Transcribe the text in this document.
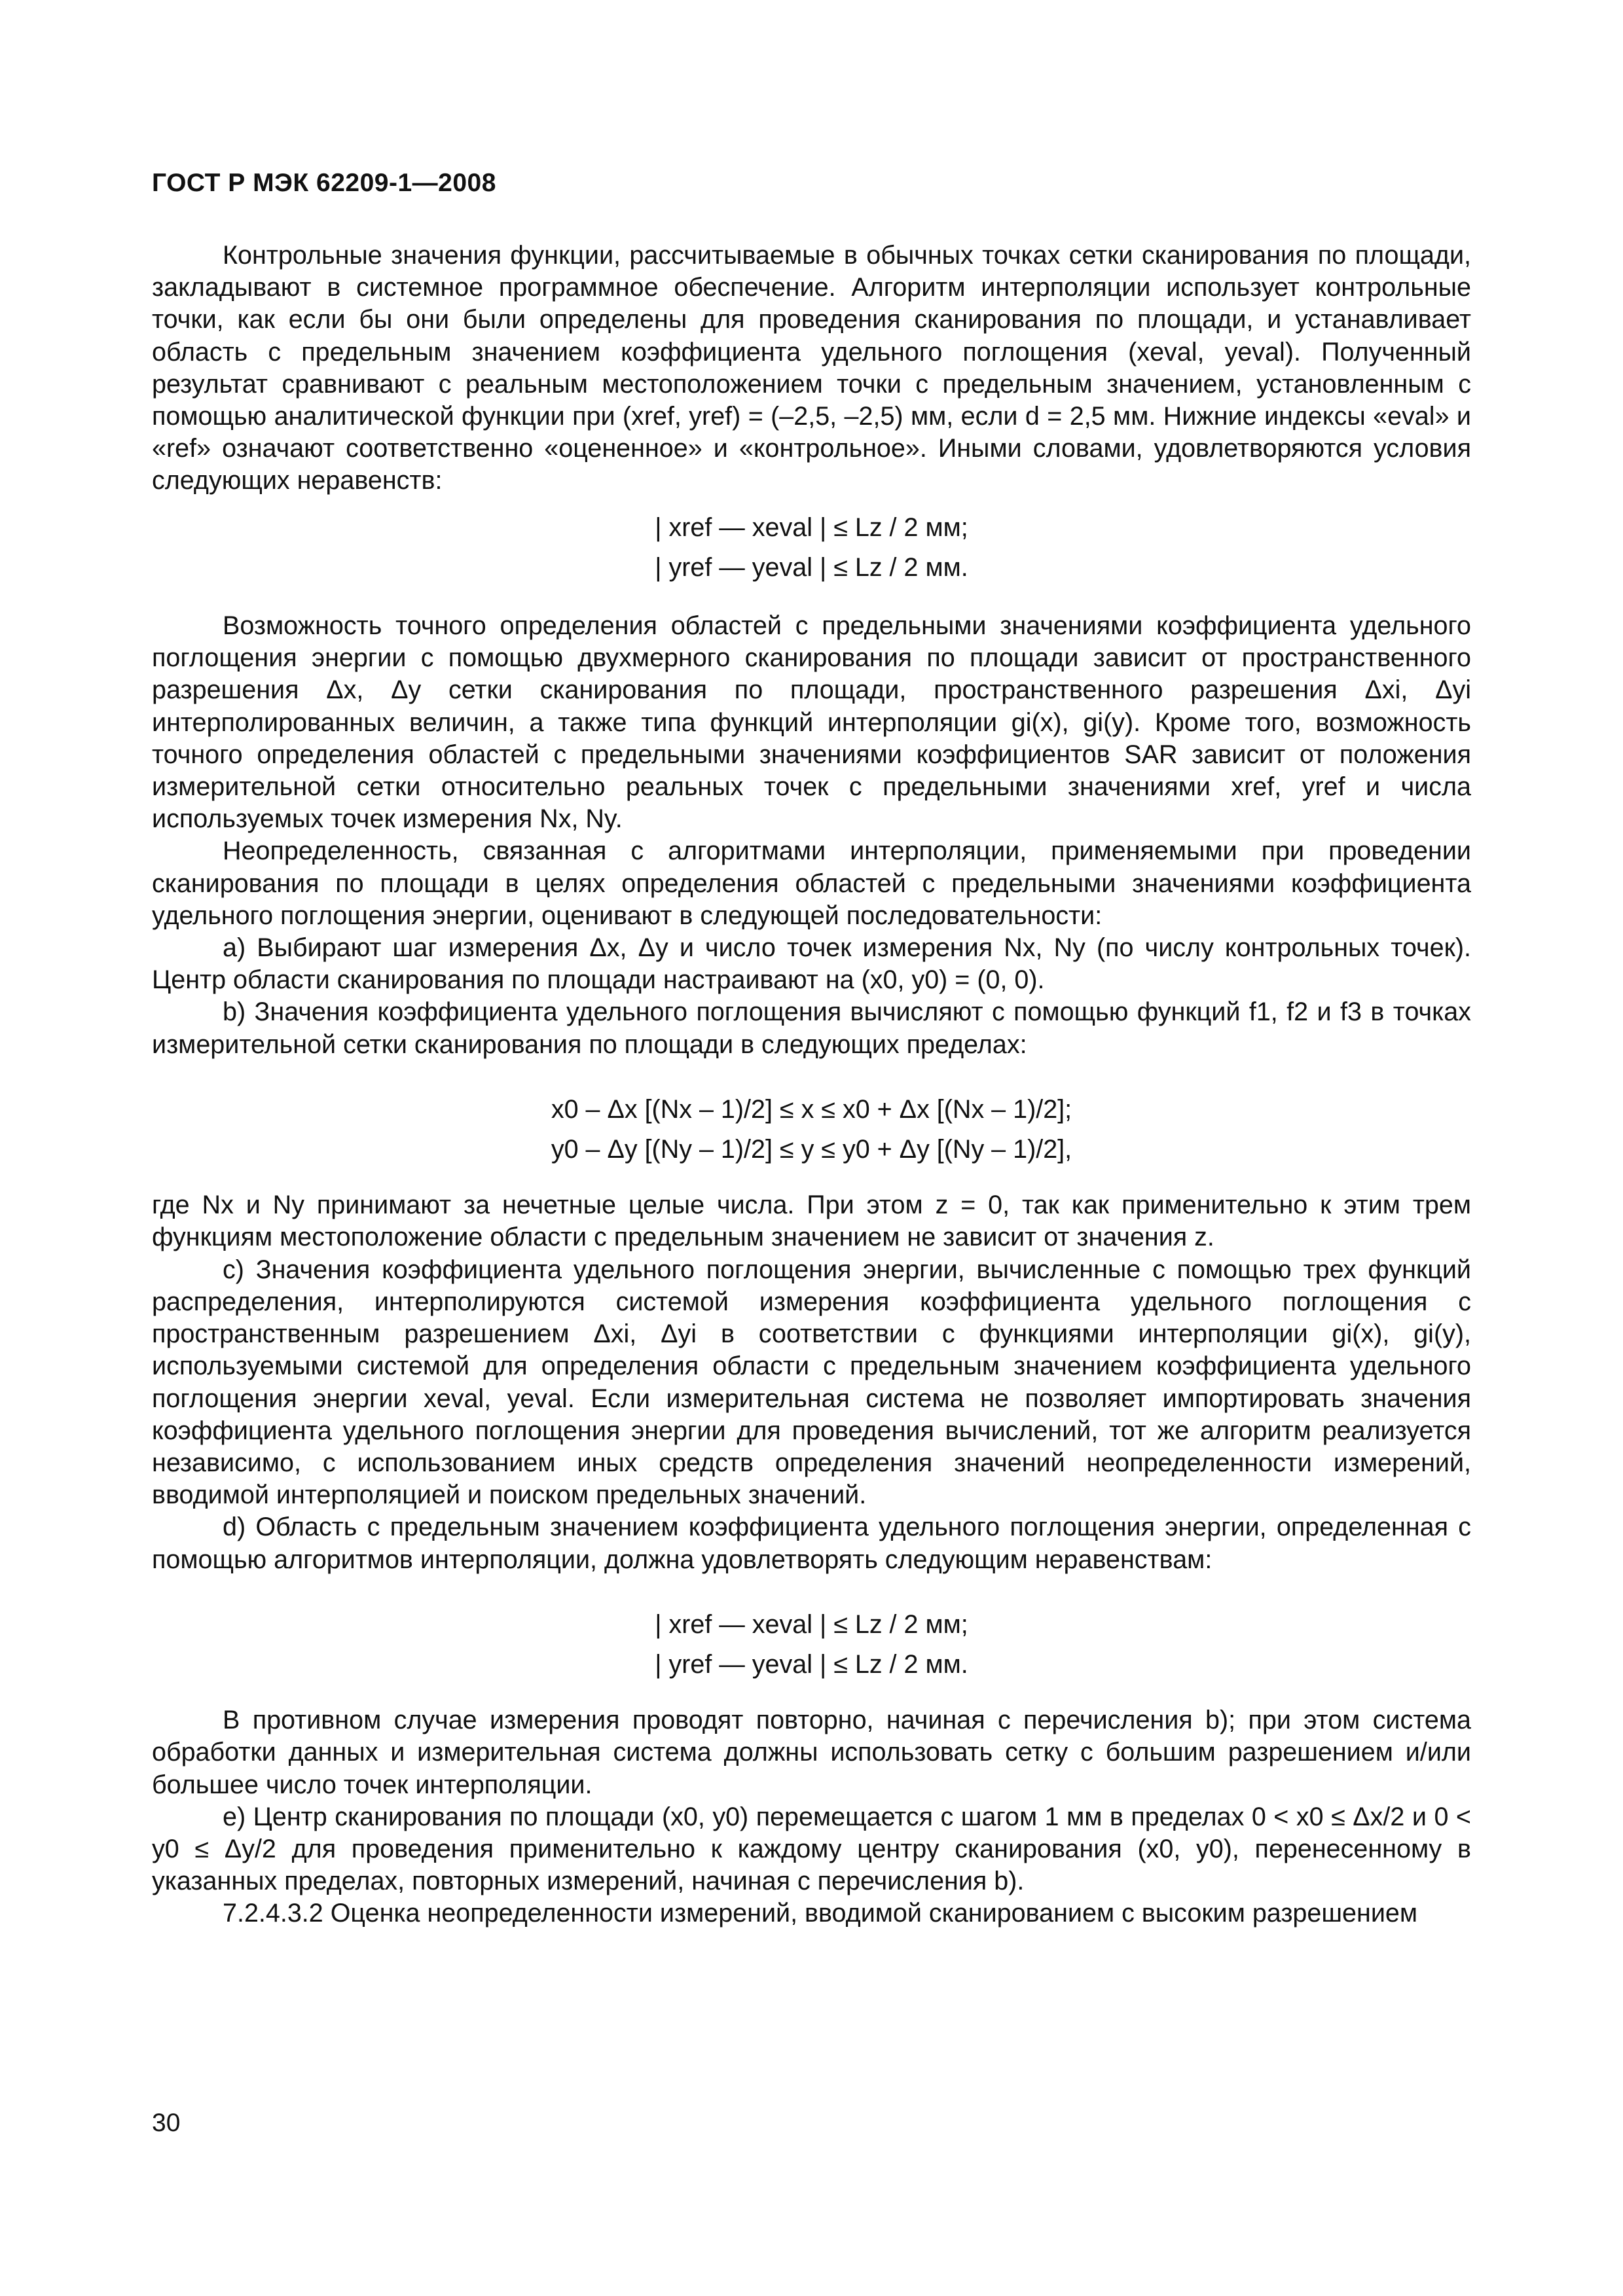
ГОСТ Р МЭК 62209-1—2008

Контрольные значения функции, рассчитываемые в обычных точках сетки сканирования по площади, закладывают в системное программное обеспечение. Алгоритм интерполяции использует контрольные точки, как если бы они были определены для проведения сканирования по площади, и устанавливает область с предельным значением коэффициента удельного поглощения (xeval, yeval). Полученный результат сравнивают с реальным местоположением точки с предельным значением, установленным с помощью аналитической функции при (xref, yref) = (–2,5, –2,5) мм, если d = 2,5 мм. Нижние индексы «eval» и «ref» означают соответственно «оцененное» и «контрольное». Иными словами, удовлетворяются условия следующих неравенств:

| xref — xeval | ≤ Lz / 2 мм;
| yref — yeval | ≤ Lz / 2 мм.

Возможность точного определения областей с предельными значениями коэффициента удельного поглощения энергии с помощью двухмерного сканирования по площади зависит от пространственного разрешения Δx, Δy сетки сканирования по площади, пространственного разрешения Δxi, Δyi интерполированных величин, а также типа функций интерполяции gi(x), gi(y). Кроме того, возможность точного определения областей с предельными значениями коэффициентов SAR зависит от положения измерительной сетки относительно реальных точек с предельными значениями xref, yref и числа используемых точек измерения Nx, Ny.

Неопределенность, связанная с алгоритмами интерполяции, применяемыми при проведении сканирования по площади в целях определения областей с предельными значениями коэффициента удельного поглощения энергии, оценивают в следующей последовательности:

a) Выбирают шаг измерения Δx, Δy и число точек измерения Nx, Ny (по числу контрольных точек). Центр области сканирования по площади настраивают на (x0, y0) = (0, 0).

b) Значения коэффициента удельного поглощения вычисляют с помощью функций f1, f2 и f3 в точках измерительной сетки сканирования по площади в следующих пределах:

x0 – Δx [(Nx – 1)/2] ≤ x ≤ x0 + Δx [(Nx – 1)/2];
y0 – Δy [(Ny – 1)/2] ≤ y ≤ y0 + Δy [(Ny – 1)/2],

где Nx и Ny принимают за нечетные целые числа. При этом z = 0, так как применительно к этим трем функциям местоположение области с предельным значением не зависит от значения z.

c) Значения коэффициента удельного поглощения энергии, вычисленные с помощью трех функций распределения, интерполируются системой измерения коэффициента удельного поглощения с пространственным разрешением Δxi, Δyi в соответствии с функциями интерполяции gi(x), gi(y), используемыми системой для определения области с предельным значением коэффициента удельного поглощения энергии xeval, yeval. Если измерительная система не позволяет импортировать значения коэффициента удельного поглощения энергии для проведения вычислений, тот же алгоритм реализуется независимо, с использованием иных средств определения значений неопределенности измерений, вводимой интерполяцией и поиском предельных значений.

d) Область с предельным значением коэффициента удельного поглощения энергии, определенная с помощью алгоритмов интерполяции, должна удовлетворять следующим неравенствам:

| xref — xeval | ≤ Lz / 2 мм;
| yref — yeval | ≤ Lz / 2 мм.

В противном случае измерения проводят повторно, начиная с перечисления b); при этом система обработки данных и измерительная система должны использовать сетку с большим разрешением и/или большее число точек интерполяции.

e) Центр сканирования по площади (x0, y0) перемещается с шагом 1 мм в пределах 0 < x0 ≤ Δx/2 и 0 < y0 ≤ Δy/2 для проведения применительно к каждому центру сканирования (x0, y0), перенесенному в указанных пределах, повторных измерений, начиная с перечисления b).

7.2.4.3.2 Оценка неопределенности измерений, вводимой сканированием с высоким разрешением

30
